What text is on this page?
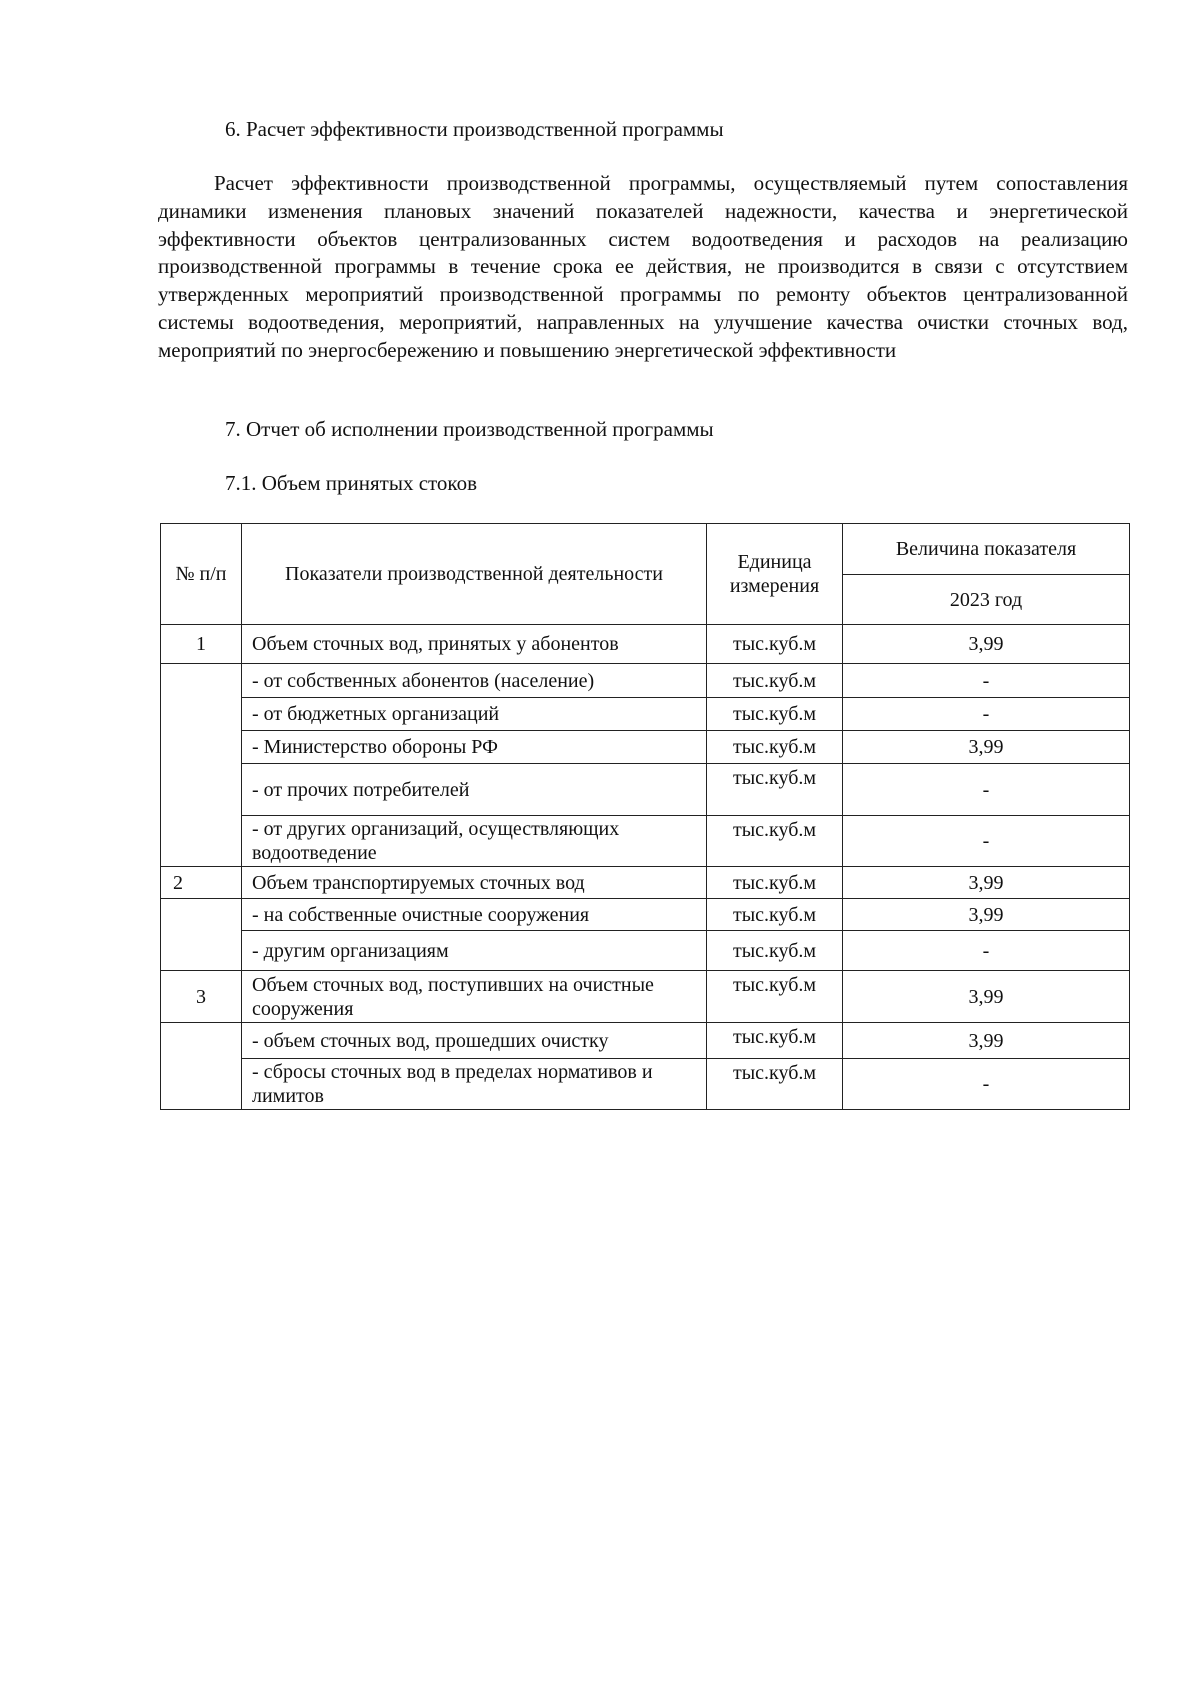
6. Расчет эффективности производственной программы
Расчет эффективности производственной программы, осуществляемый путем сопоставления динамики изменения плановых значений показателей надежности, качества и энергетической эффективности объектов централизованных систем водоотведения и расходов на реализацию производственной программы в течение срока ее действия, не производится в связи с отсутствием утвержденных мероприятий производственной программы по ремонту объектов централизованной системы водоотведения, мероприятий, направленных на улучшение качества очистки сточных вод, мероприятий по энергосбережению и повышению энергетической эффективности
7. Отчет об исполнении производственной программы
7.1. Объем принятых стоков
№ п/п	Показатели производственной деятельности	Единица измерения	Величина показателя
			2023 год
1	Объем сточных вод, принятых у абонентов	тыс.куб.м	3,99
	- от собственных абонентов (население)	тыс.куб.м	-
	- от бюджетных организаций	тыс.куб.м	-
	- Министерство обороны РФ	тыс.куб.м	3,99
	- от прочих потребителей	тыс.куб.м	-
	- от других организаций, осуществляющих водоотведение	тыс.куб.м	-
2	Объем транспортируемых сточных вод	тыс.куб.м	3,99
	- на собственные очистные сооружения	тыс.куб.м	3,99
	- другим организациям	тыс.куб.м	-
3	Объем сточных вод, поступивших на очистные сооружения	тыс.куб.м	3,99
	- объем сточных вод, прошедших очистку	тыс.куб.м	3,99
	- сбросы сточных вод в пределах нормативов и лимитов	тыс.куб.м	-
